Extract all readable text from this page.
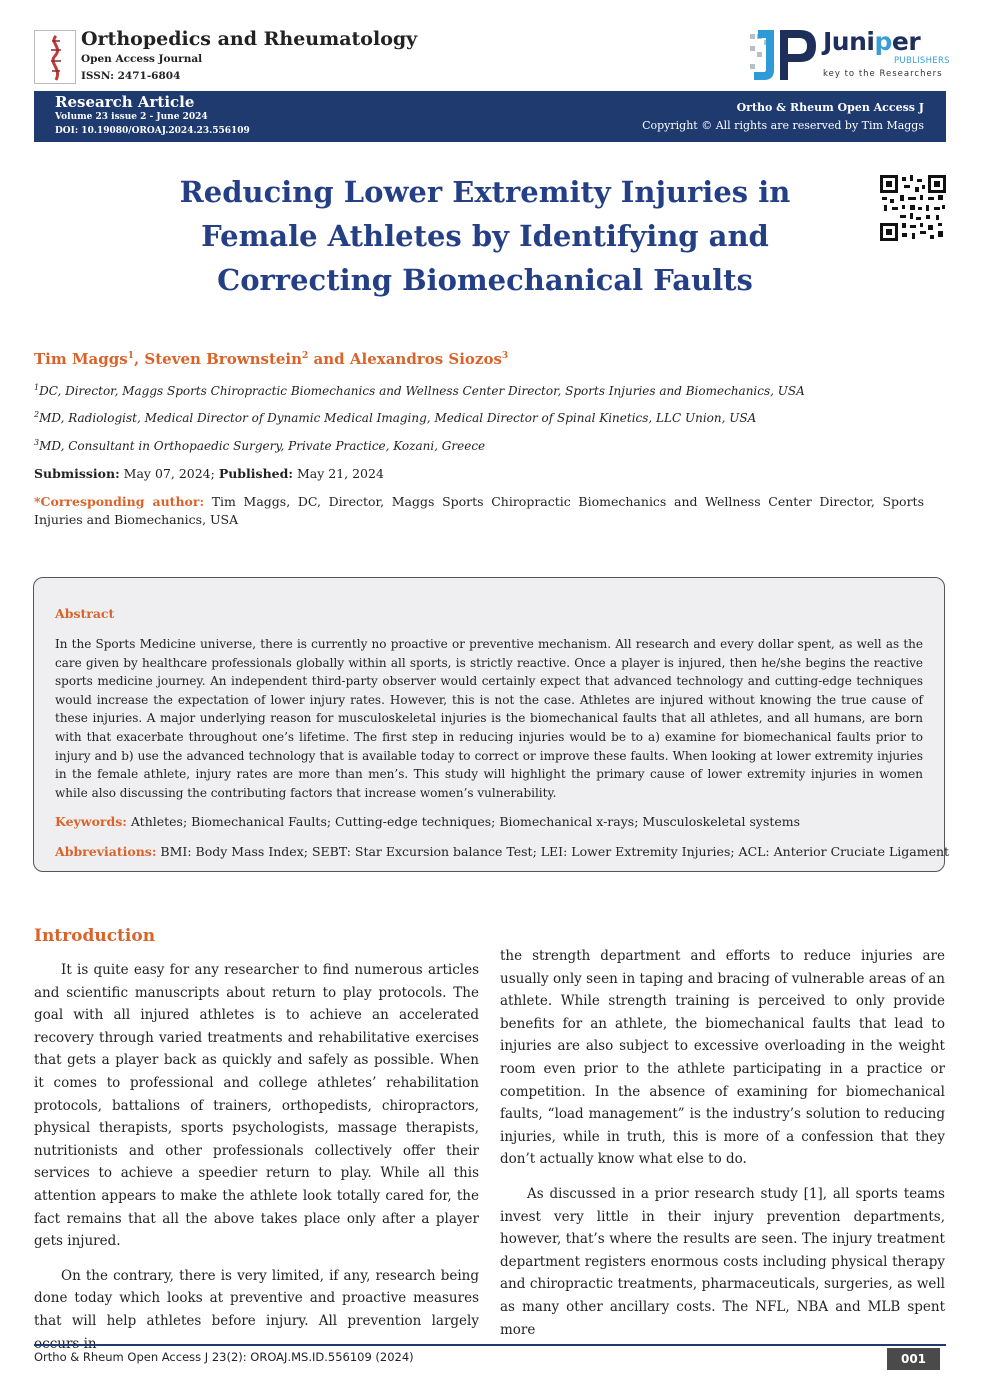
Orthopedics and Rheumatology
Open Access Journal
ISSN: 2471-6804
Juniper
PUBLISHERS
key to the Researchers
Research Article
Volume 23 issue 2 - June 2024
DOI: 10.19080/OROAJ.2024.23.556109
Ortho & Rheum Open Access J
Copyright © All rights are reserved by Tim Maggs
Reducing Lower Extremity Injuries in
Female Athletes by Identifying and
Correcting Biomechanical Faults
Tim Maggs$^1$, Steven Brownstein$^2$ and Alexandros Siozos$^3$
$^1$DC, Director, Maggs Sports Chiropractic Biomechanics and Wellness Center Director, Sports Injuries and Biomechanics, USA
$^2$MD, Radiologist, Medical Director of Dynamic Medical Imaging, Medical Director of Spinal Kinetics, LLC Union, USA
$^3$MD, Consultant in Orthopaedic Surgery, Private Practice, Kozani, Greece
Submission: May 07, 2024; Published: May 21, 2024
*Corresponding author: Tim Maggs, DC, Director, Maggs Sports Chiropractic Biomechanics and Wellness Center Director, Sports Injuries and Biomechanics, USA
Abstract
In the Sports Medicine universe, there is currently no proactive or preventive mechanism. All research and every dollar spent, as well as the care given by healthcare professionals globally within all sports, is strictly reactive. Once a player is injured, then he/she begins the reactive sports medicine journey. An independent third-party observer would certainly expect that advanced technology and cutting-edge techniques would increase the expectation of lower injury rates. However, this is not the case. Athletes are injured without knowing the true cause of these injuries. A major underlying reason for musculoskeletal injuries is the biomechanical faults that all athletes, and all humans, are born with that exacerbate throughout one’s lifetime. The first step in reducing injuries would be to a) examine for biomechanical faults prior to injury and b) use the advanced technology that is available today to correct or improve these faults. When looking at lower extremity injuries in the female athlete, injury rates are more than men’s. This study will highlight the primary cause of lower extremity injuries in women while also discussing the contributing factors that increase women’s vulnerability.
Keywords: Athletes; Biomechanical Faults; Cutting-edge techniques; Biomechanical x-rays; Musculoskeletal systems
Abbreviations: BMI: Body Mass Index; SEBT: Star Excursion balance Test; LEI: Lower Extremity Injuries; ACL: Anterior Cruciate Ligament
Introduction

It is quite easy for any researcher to find numerous articles and scientific manuscripts about return to play protocols. The goal with all injured athletes is to achieve an accelerated recovery through varied treatments and rehabilitative exercises that gets a player back as quickly and safely as possible. When it comes to professional and college athletes’ rehabilitation protocols, battalions of trainers, orthopedists, chiropractors, physical therapists, sports psychologists, massage therapists, nutritionists and other professionals collectively offer their services to achieve a speedier return to play. While all this attention appears to make the athlete look totally cared for, the fact remains that all the above takes place only after a player gets injured.

On the contrary, there is very limited, if any, research being done today which looks at preventive and proactive measures that will help athletes before injury. All prevention largely

the strength department and efforts to reduce injuries are usually only seen in taping and bracing of vulnerable areas of an athlete. While strength training is perceived to only provide benefits for an athlete, the biomechanical faults that lead to injuries are also subject to excessive overloading in the weight room even prior to the athlete participating in a practice or competition. In the absence of examining for biomechanical faults, “load management” is the industry’s solution to reducing injuries, while in truth, this is more of a confession that they don’t actually know what else to do.

As discussed in a prior research study [1], all sports teams invest very little in their injury prevention departments, however, that’s where the results are seen. The injury treatment department registers enormous costs including physical therapy and chiropractic treatments, pharmaceuticals, surgeries, as well as many other ancillary costs. The NFL, NBA and MLB spent more

Ortho & Rheum Open Access J 23(2): OROAJ.MS.ID.556109 (2024)	001
